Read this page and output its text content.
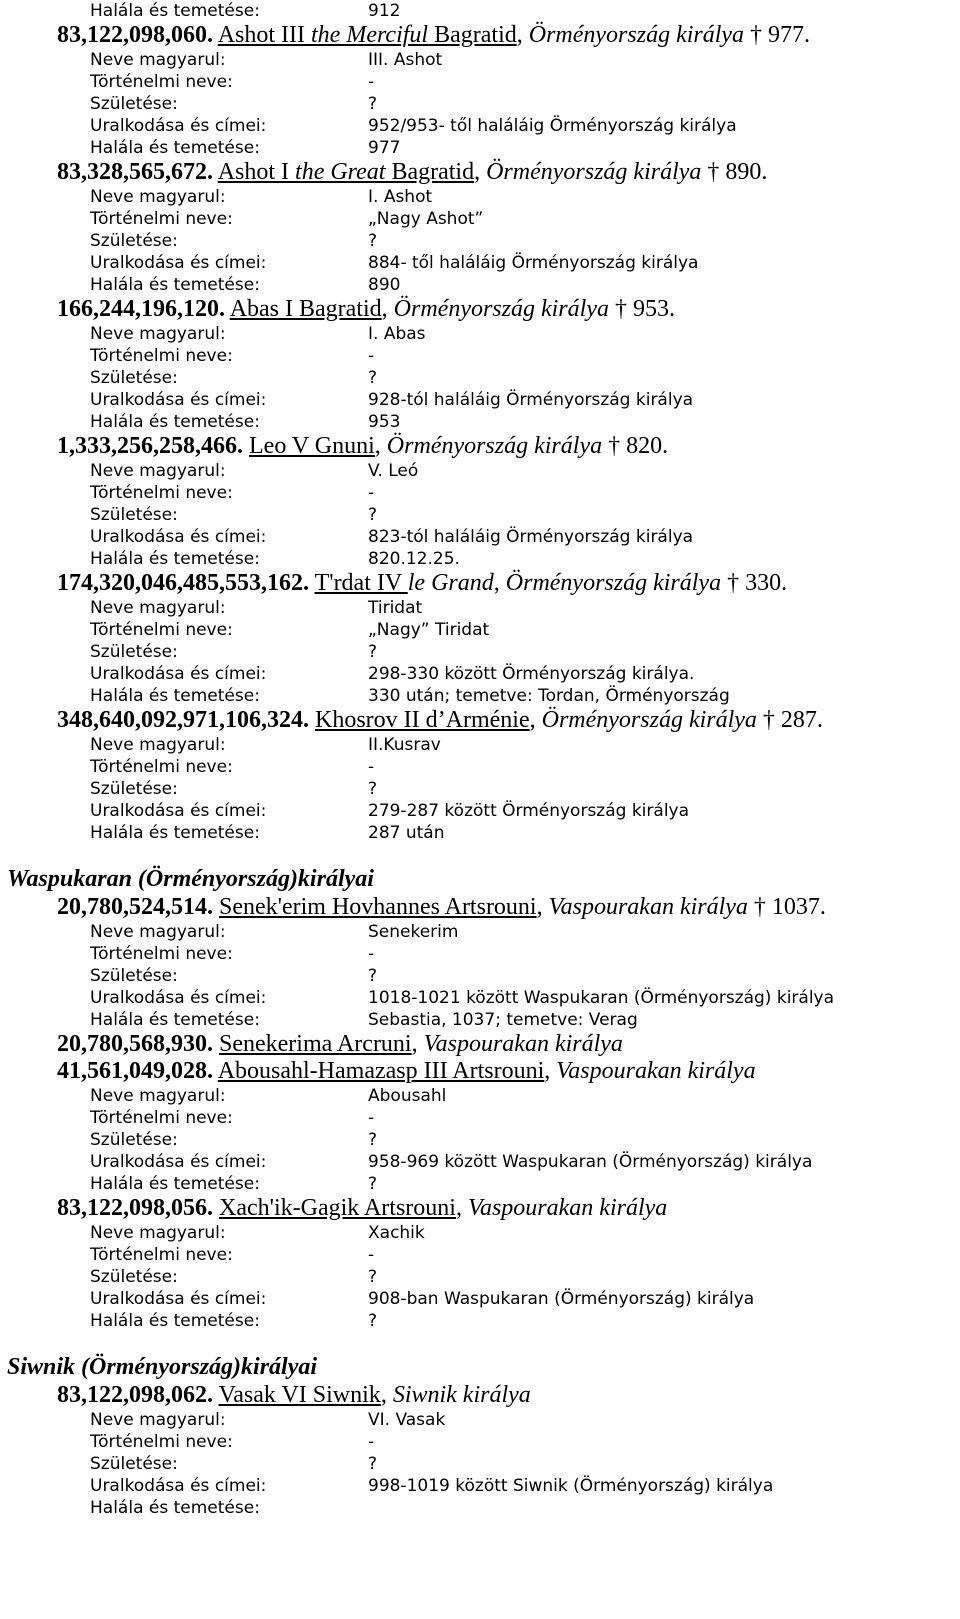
Halála és temetése:	912
83,122,098,060. Ashot III the Merciful Bagratid, Örményország királya † 977.
Neve magyarul:	III. Ashot
Történelmi neve:	-
Születése:	?
Uralkodása és címei:	952/953- től haláláig Örményország királya
Halála és temetése:	977
83,328,565,672. Ashot I the Great Bagratid, Örményország királya † 890.
Neve magyarul:	I. Ashot
Történelmi neve:	„Nagy Ashot”
Születése:	?
Uralkodása és címei:	884- től haláláig Örményország királya
Halála és temetése:	890
166,244,196,120. Abas I Bagratid, Örményország királya † 953.
Neve magyarul:	I. Abas
Történelmi neve:	-
Születése:	?
Uralkodása és címei:	928-tól haláláig Örményország királya
Halála és temetése:	953
1,333,256,258,466. Leo V Gnuni, Örményország királya † 820.
Neve magyarul:	V. Leó
Történelmi neve:	-
Születése:	?
Uralkodása és címei:	823-tól haláláig Örményország királya
Halála és temetése:	820.12.25.
174,320,046,485,553,162. T'rdat IV le Grand, Örményország királya † 330.
Neve magyarul:	Tiridat
Történelmi neve:	„Nagy” Tiridat
Születése:	?
Uralkodása és címei:	298-330 között Örményország királya.
Halála és temetése:	330 után; temetve: Tordan, Örményország
348,640,092,971,106,324. Khosrov II d’Arménie, Örményország királya † 287.
Neve magyarul:	II.Kusrav
Történelmi neve:	-
Születése:	?
Uralkodása és címei:	279-287 között Örményország királya
Halála és temetése:	287 után
Waspukaran (Örményország)királyai
20,780,524,514. Senek'erim Hovhannes Artsrouni, Vaspourakan királya † 1037.
Neve magyarul:	Senekerim
Történelmi neve:	-
Születése:	?
Uralkodása és címei:	1018-1021 között Waspukaran (Örményország) királya
Halála és temetése:	Sebastia, 1037; temetve: Verag
20,780,568,930. Senekerima Arcruni, Vaspourakan királya
41,561,049,028. Abousahl-Hamazasp III Artsrouni, Vaspourakan királya
Neve magyarul:	Abousahl
Történelmi neve:	-
Születése:	?
Uralkodása és címei:	958-969 között Waspukaran (Örményország) királya
Halála és temetése:	?
83,122,098,056. Xach'ik-Gagik Artsrouni, Vaspourakan királya
Neve magyarul:	Xachik
Történelmi neve:	-
Születése:	?
Uralkodása és címei:	908-ban Waspukaran (Örményország) királya
Halála és temetése:	?
Siwnik (Örményország)királyai
83,122,098,062. Vasak VI Siwnik, Siwnik királya
Neve magyarul:	VI. Vasak
Történelmi neve:	-
Születése:	?
Uralkodása és címei:	998-1019 között Siwnik (Örményország) királya
Halála és temetése:
